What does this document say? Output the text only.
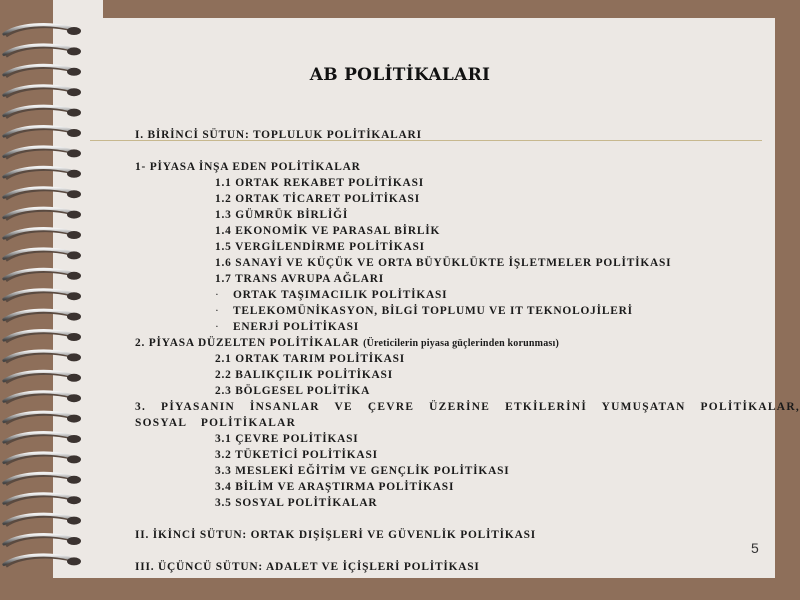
AB POLİTİKALARI
I. BİRİNCİ SÜTUN: TOPLULUK POLİTİKALARI
1- PİYASA İNŞA EDEN POLİTİKALAR
1.1 ORTAK REKABET POLİTİKASI
1.2 ORTAK TİCARET POLİTİKASI
1.3 GÜMRÜK BİRLİĞİ
1.4 EKONOMİK VE PARASAL BİRLİK
1.5 VERGİLENDİRME POLİTİKASI
1.6 SANAYİ VE KÜÇÜK VE ORTA BÜYÜKLÜKTE İŞLETMELER POLİTİKASI
1.7 TRANS AVRUPA AĞLARI
· ORTAK TAŞIMACILIK POLİTİKASI
· TELEKOMÜNİKASYON, BİLGİ TOPLUMU VE IT TEKNOLOJİLERİ
· ENERJİ POLİTİKASI
2. PİYASA DÜZELTEN POLİTİKALAR (Üreticilerin piyasa güçlerinden korunması)
2.1 ORTAK TARIM POLİTİKASI
2.2 BALIKÇILIK POLİTİKASI
2.3 BÖLGESEL POLİTİKA
3. PİYASANIN İNSANLAR VE ÇEVRE ÜZERİNE ETKİLERİNİ YUMUŞATAN POLİTİKALAR, SOSYAL POLİTİKALAR
3.1 ÇEVRE POLİTİKASI
3.2 TÜKETİCİ POLİTİKASI
3.3 MESLEKİ EĞİTİM VE GENÇLİK POLİTİKASI
3.4 BİLİM VE ARAŞTIRMA POLİTİKASI
3.5 SOSYAL POLİTİKALAR
II. İKİNCİ SÜTUN: ORTAK DIŞİŞLERİ VE GÜVENLİK POLİTİKASI
III. ÜÇÜNCÜ SÜTUN: ADALET VE İÇİŞLERİ POLİTİKASI
5
